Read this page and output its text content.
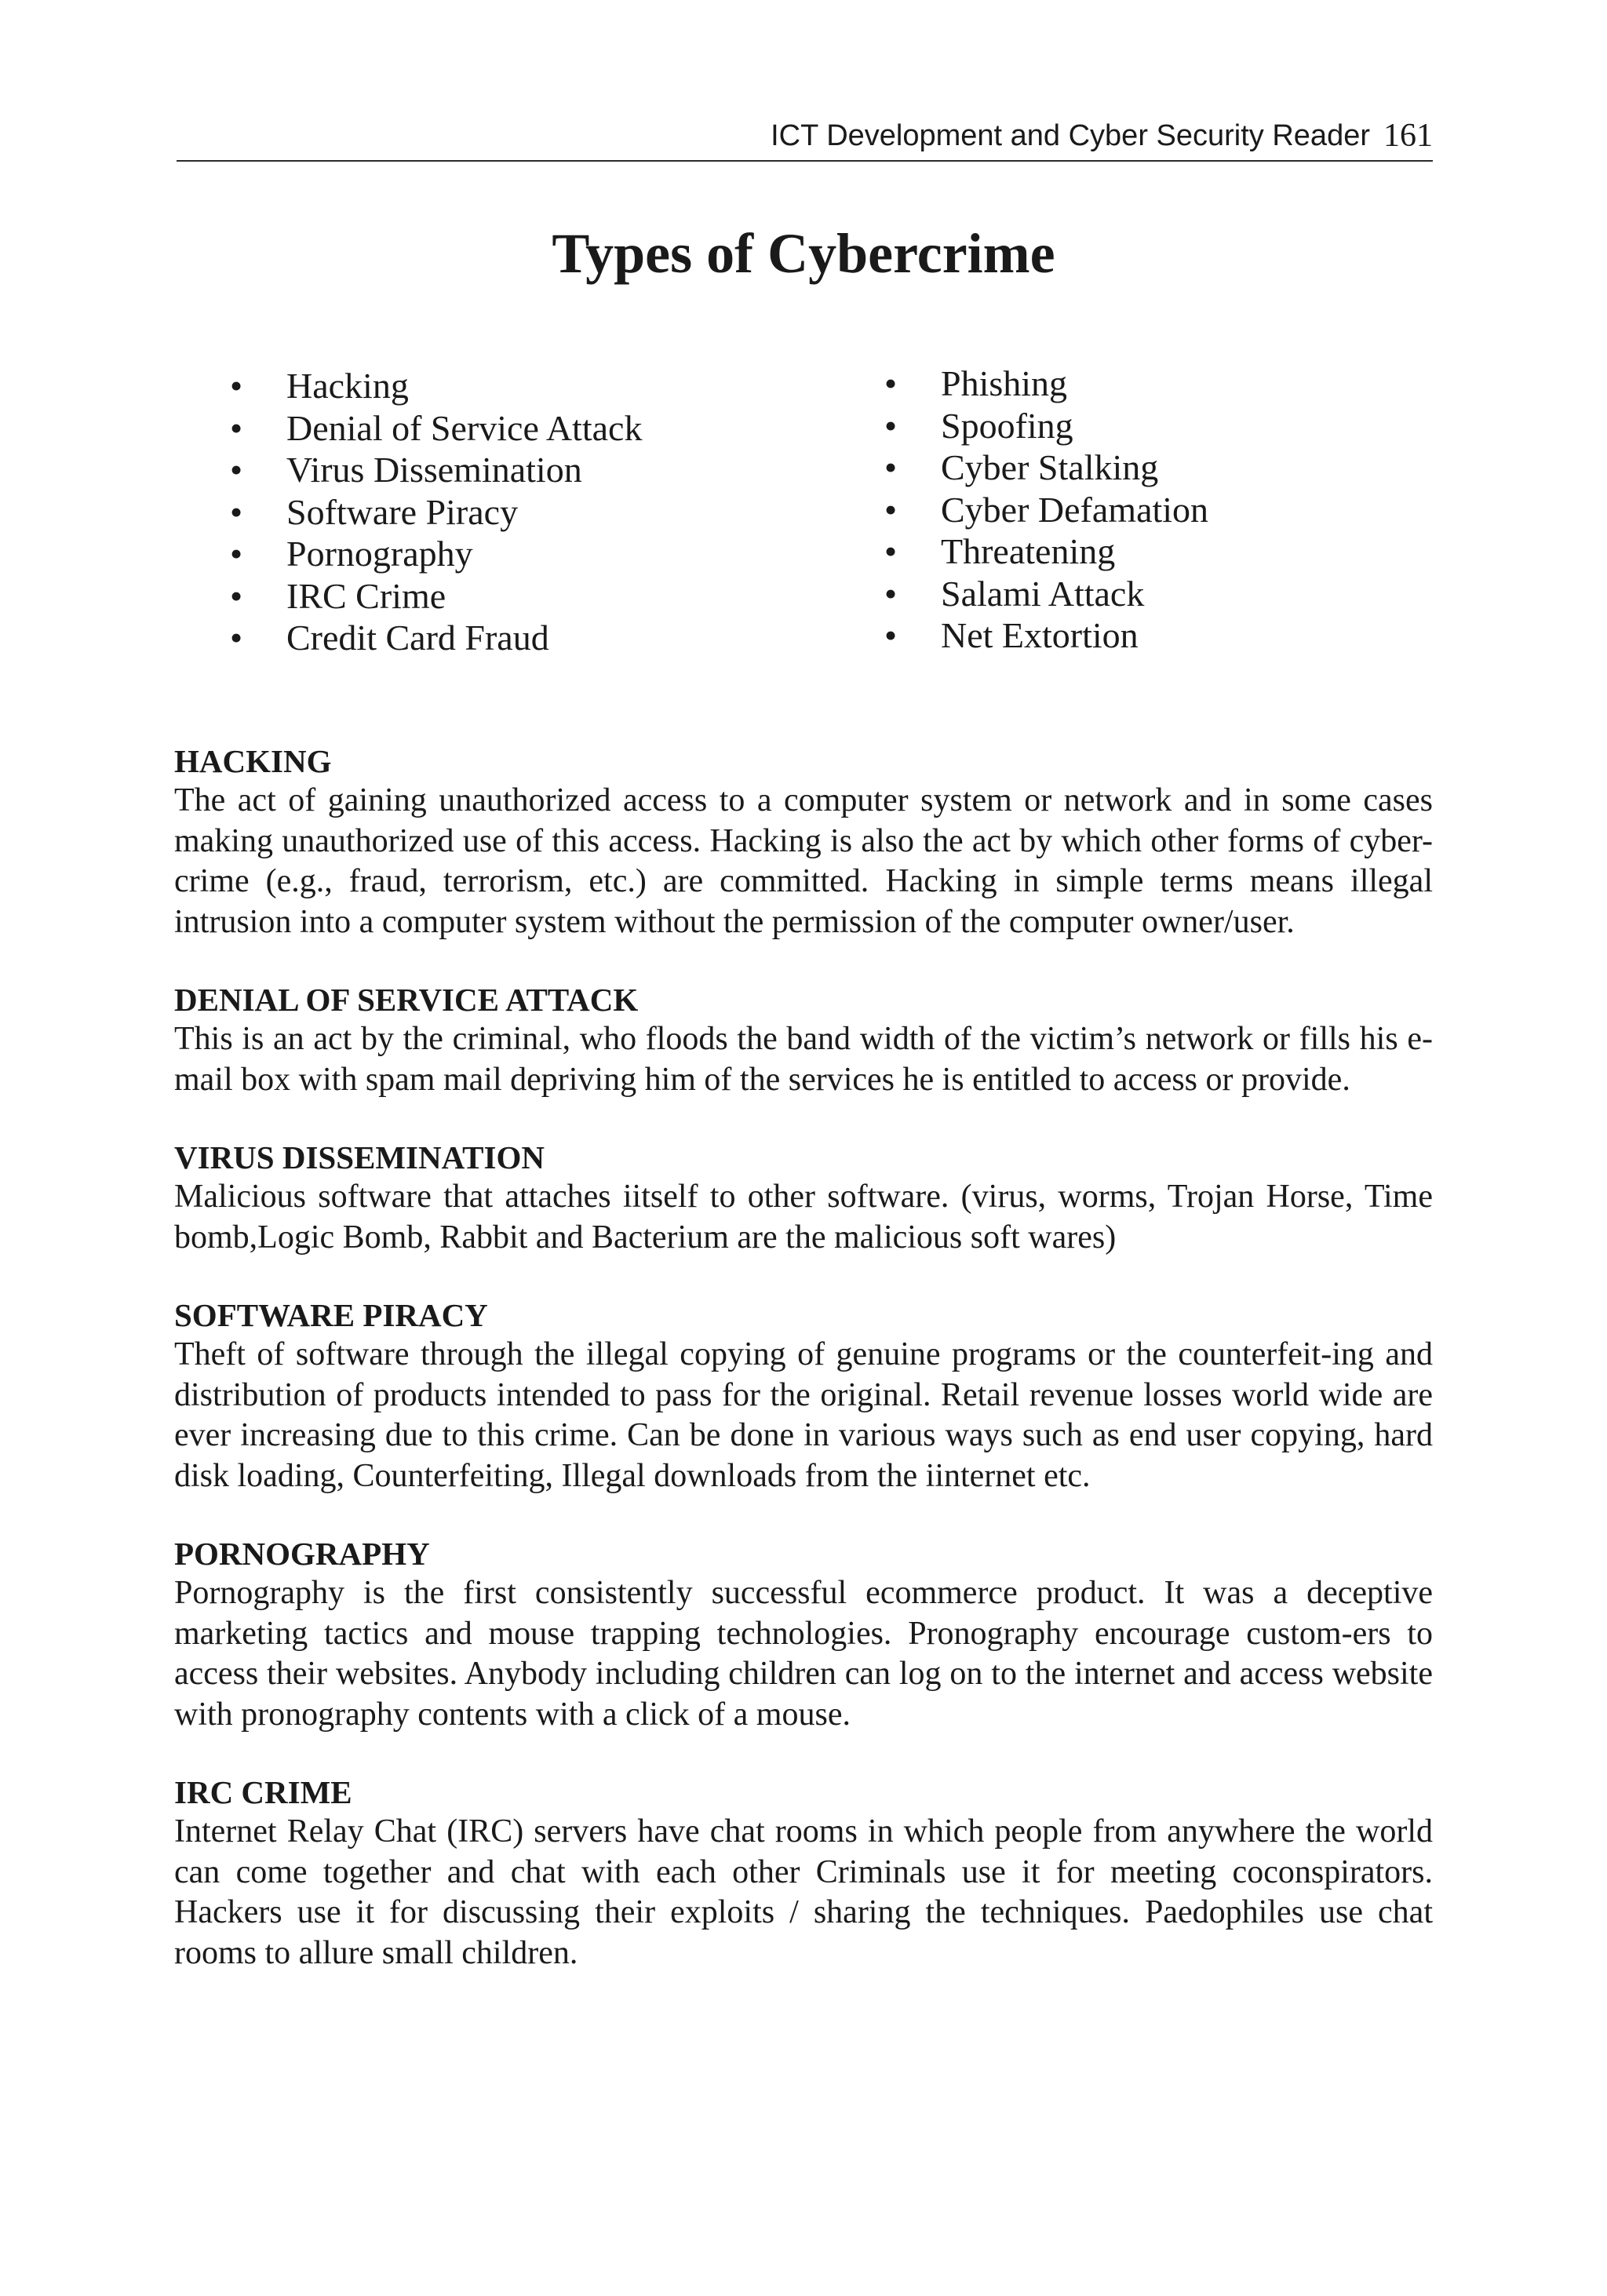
ICT Development and Cyber Security Reader 161
Types of Cybercrime
• Hacking
• Denial of Service Attack
• Virus Dissemination
• Software Piracy
• Pornography
• IRC Crime
• Credit Card Fraud
• Phishing
• Spoofing
• Cyber Stalking
• Cyber Defamation
• Threatening
• Salami Attack
• Net Extortion
HACKING

The act of gaining unauthorized access to a computer system or network and in some cases making unauthorized use of this access. Hacking is also the act by which other forms of cyber-crime (e.g., fraud, terrorism, etc.) are committed. Hacking in simple terms means illegal intrusion into a computer system without the permission of the computer owner/user.

DENIAL OF SERVICE ATTACK

This is an act by the criminal, who floods the band width of the victim’s network or fills his e-mail box with spam mail depriving him of the services he is entitled to access or provide.

VIRUS DISSEMINATION

Malicious software that attaches iitself to other software. (virus, worms, Trojan Horse, Time bomb,Logic Bomb, Rabbit and Bacterium are the malicious soft wares)

SOFTWARE PIRACY

Theft of software through the illegal copying of genuine programs or the counterfeit-ing and distribution of products intended to pass for the original. Retail revenue losses world wide are ever increasing due to this crime. Can be done in various ways such as end user copying, hard disk loading, Counterfeiting, Illegal downloads from the iinternet etc.

PORNOGRAPHY

Pornography is the first consistently successful ecommerce product. It was a deceptive marketing tactics and mouse trapping technologies. Pronography encourage custom-ers to access their websites. Anybody including children can log on to the internet and access website with pronography contents with a click of a mouse.

IRC CRIME

Internet Relay Chat (IRC) servers have chat rooms in which people from anywhere the world can come together and chat with each other Criminals use it for meeting coconspirators. Hackers use it for discussing their exploits / sharing the techniques. Paedophiles use chat rooms to allure small children.
